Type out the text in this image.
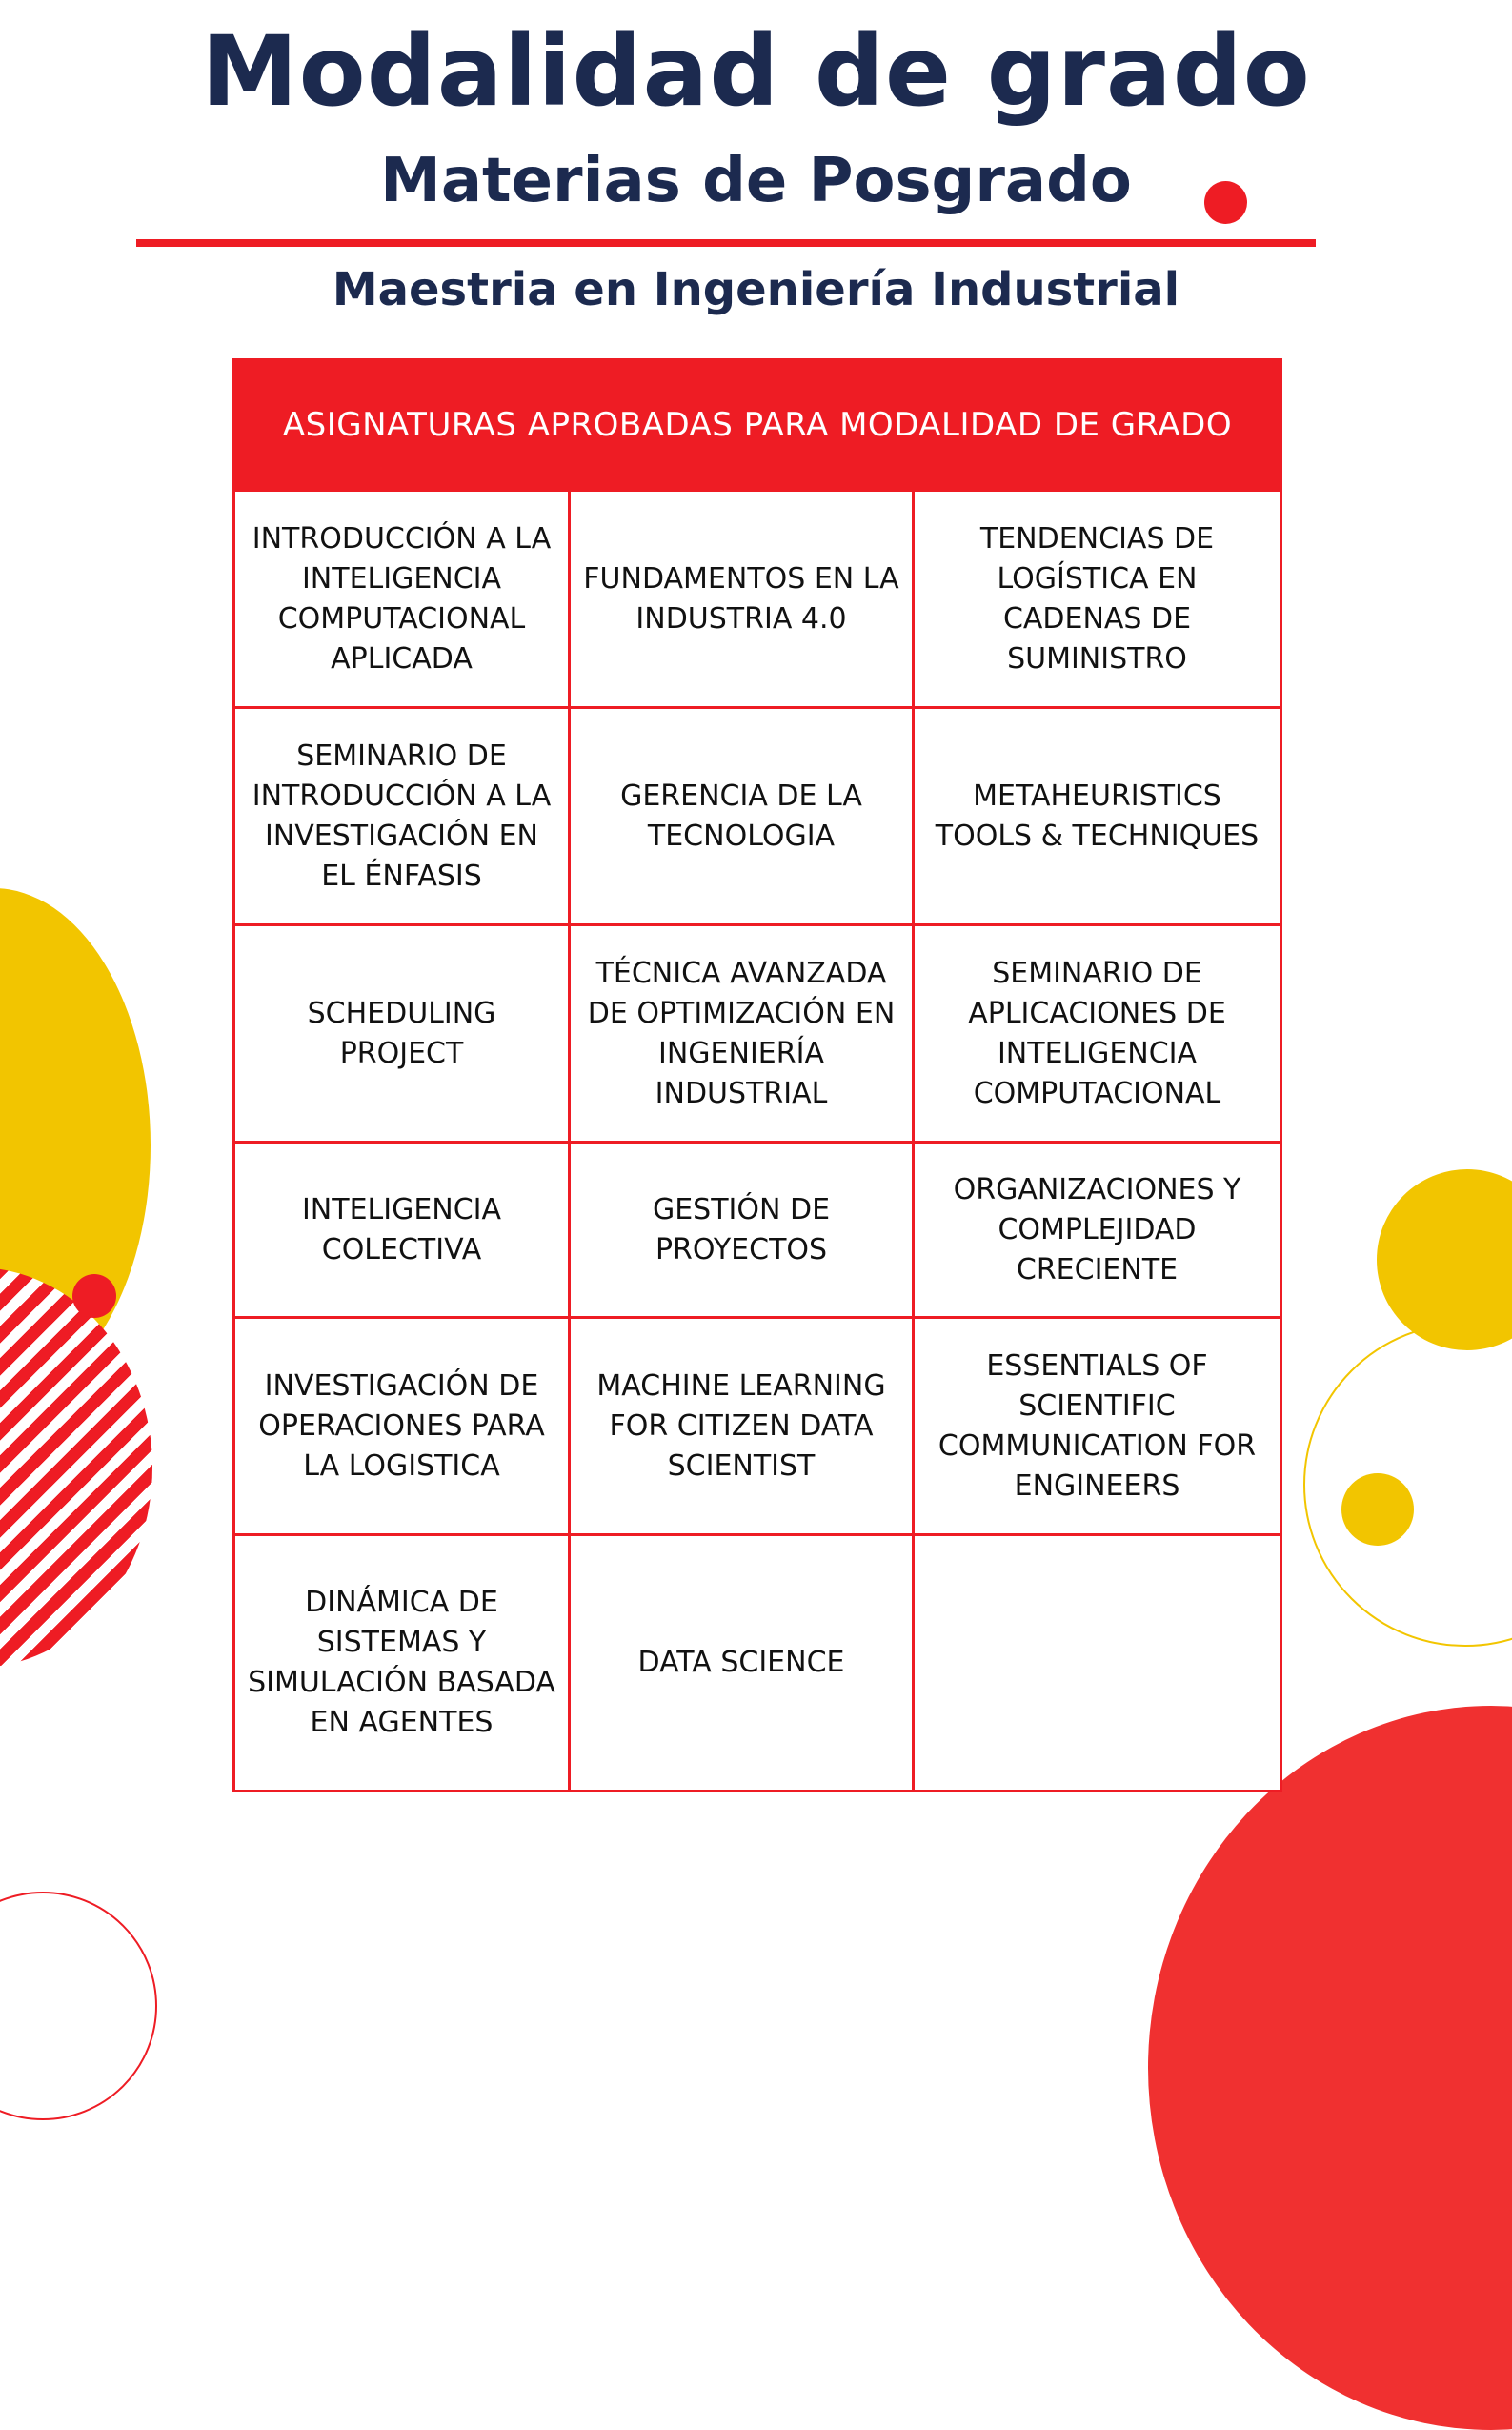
Modalidad de grado
Materias de Posgrado
Maestria en Ingeniería Industrial
ASIGNATURAS APROBADAS PARA MODALIDAD DE GRADO
INTRODUCCIÓN A LA INTELIGENCIA COMPUTACIONAL APLICADA
FUNDAMENTOS EN LA INDUSTRIA 4.0
TENDENCIAS DE LOGÍSTICA EN CADENAS DE SUMINISTRO
SEMINARIO DE INTRODUCCIÓN A LA INVESTIGACIÓN EN EL ÉNFASIS
GERENCIA DE LA TECNOLOGIA
METAHEURISTICS TOOLS & TECHNIQUES
SCHEDULING PROJECT
TÉCNICA AVANZADA DE OPTIMIZACIÓN EN INGENIERÍA INDUSTRIAL
SEMINARIO DE APLICACIONES DE INTELIGENCIA COMPUTACIONAL
INTELIGENCIA COLECTIVA
GESTIÓN DE PROYECTOS
ORGANIZACIONES Y COMPLEJIDAD CRECIENTE
INVESTIGACIÓN DE OPERACIONES PARA LA LOGISTICA
MACHINE LEARNING FOR CITIZEN DATA SCIENTIST
ESSENTIALS OF SCIENTIFIC COMMUNICATION FOR ENGINEERS
DINÁMICA DE SISTEMAS Y SIMULACIÓN BASADA EN AGENTES
DATA SCIENCE
